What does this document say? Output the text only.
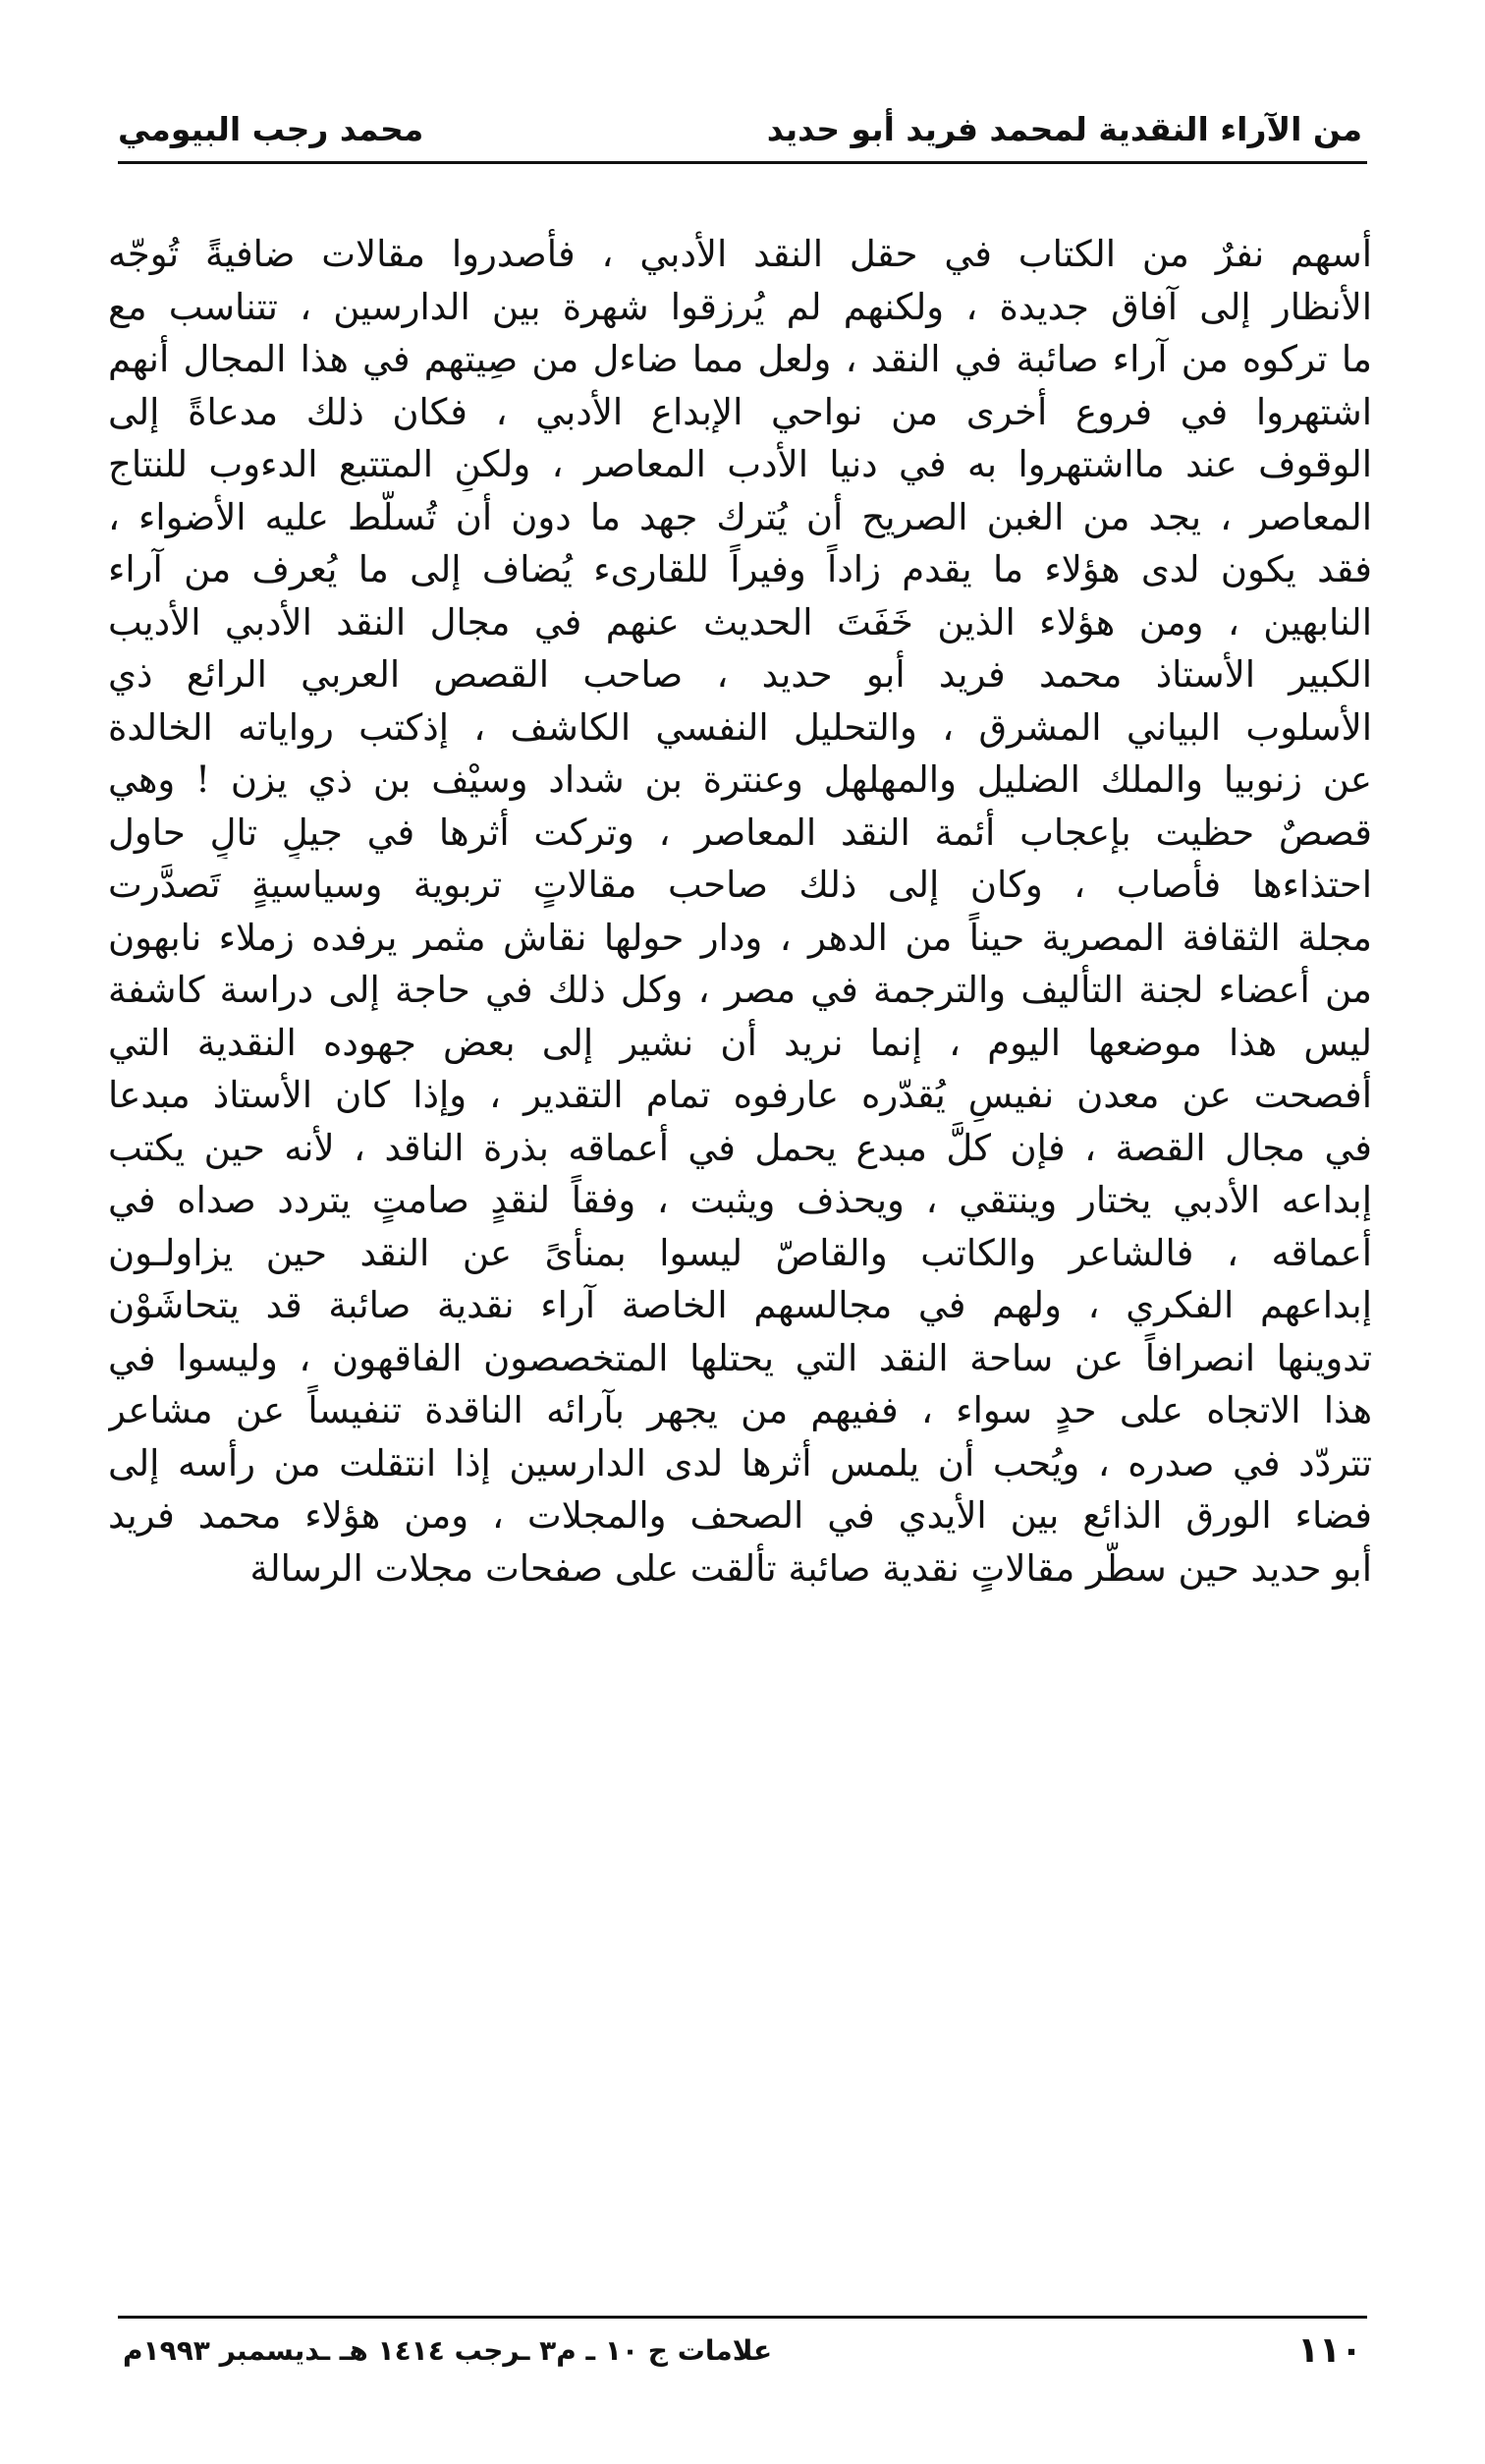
من الآراء النقدية لمحمد فريد أبو حديد
محمد رجب البيومي
أسهم نفرٌ من الكتاب في حقل النقد الأدبي ، فأصدروا مقالات ضافيةً تُوجّه
الأنظار إلى آفاق جديدة ، ولكنهم لم يُرزقوا شهرة بين الدارسين ، تتناسب مع
ما تركوه من آراء صائبة في النقد ، ولعل مما ضاءل من صِيتهم في هذا المجال أنهم
اشتهروا في فروع أخرى من نواحي الإبداع الأدبي ، فكان ذلك مدعاةً إلى
الوقوف عند مااشتهروا به في دنيا الأدب المعاصر ، ولكنِ المتتبع الدءوب للنتاج
المعاصر ، يجد من الغبن الصريح أن يُترك جهد ما دون أن تُسلَّط عليه الأضواء ،
فقد يكون لدى هؤلاء ما يقدم زاداً وفيراً للقارىء يُضاف إلى ما يُعرف من آراء
النابهين ، ومن هؤلاء الذين خَفَتَ الحديث عنهم في مجال النقد الأدبي الأديب
الكبير الأستاذ محمد فريد أبو حديد ، صاحب القصص العربي الرائع ذي
الأسلوب البياني المشرق ، والتحليل النفسي الكاشف ، إذكتب رواياته الخالدة
عن زنوبيا والملك الضليل والمهلهل وعنترة بن شداد وسيْف بن ذي يزن ! وهي
قصصٌ حظيت بإعجاب أئمة النقد المعاصر ، وتركت أثرها في جيلٍ تالٍ حاول
احتذاءها فأصاب ، وكان إلى ذلك صاحب مقالاتٍ تربوية وسياسيةٍ تَصدَّرت
مجلة الثقافة المصرية حيناً من الدهر ، ودار حولها نقاش مثمر يرفده زملاء نابهون
من أعضاء لجنة التأليف والترجمة في مصر ، وكل ذلك في حاجة إلى دراسة كاشفة
ليس هذا موضعها اليوم ، إنما نريد أن نشير إلى بعض جهوده النقدية التي
أفصحت عن معدن نفيسٍ يُقدّره عارفوه تمام التقدير ، وإذا كان الأستاذ مبدعا
في مجال القصة ، فإن كلَّ مبدع يحمل في أعماقه بذرة الناقد ، لأنه حين يكتب
إبداعه الأدبي يختار وينتقي ، ويحذف ويثبت ، وفقاً لنقدٍ صامتٍ يتردد صداه في
أعماقه ، فالشاعر والكاتب والقاصّ ليسوا بمنأىً عن النقد حين يزاولـون
إبداعهم الفكري ، ولهم في مجالسهم الخاصة آراء نقدية صائبة قد يتحاشَوْن
تدوينها انصرافاً عن ساحة النقد التي يحتلها المتخصصون الفاقهون ، وليسوا في
هذا الاتجاه على حدٍ سواء ، ففيهم من يجهر بآرائه الناقدة تنفيساً عن مشاعر
تتردّد في صدره ، ويُحب أن يلمس أثرها لدى الدارسين إذا انتقلت من رأسه إلى
فضاء الورق الذائع بين الأيدي في الصحف والمجلات ، ومن هؤلاء محمد فريد
أبو حديد حين سطّر مقالاتٍ نقدية صائبة تألقت على صفحات مجلات الرسالة
١١٠
علامات ج ١٠ ـ م٣ ـرجب ١٤١٤ هـ ـديسمبر ١٩٩٣م
